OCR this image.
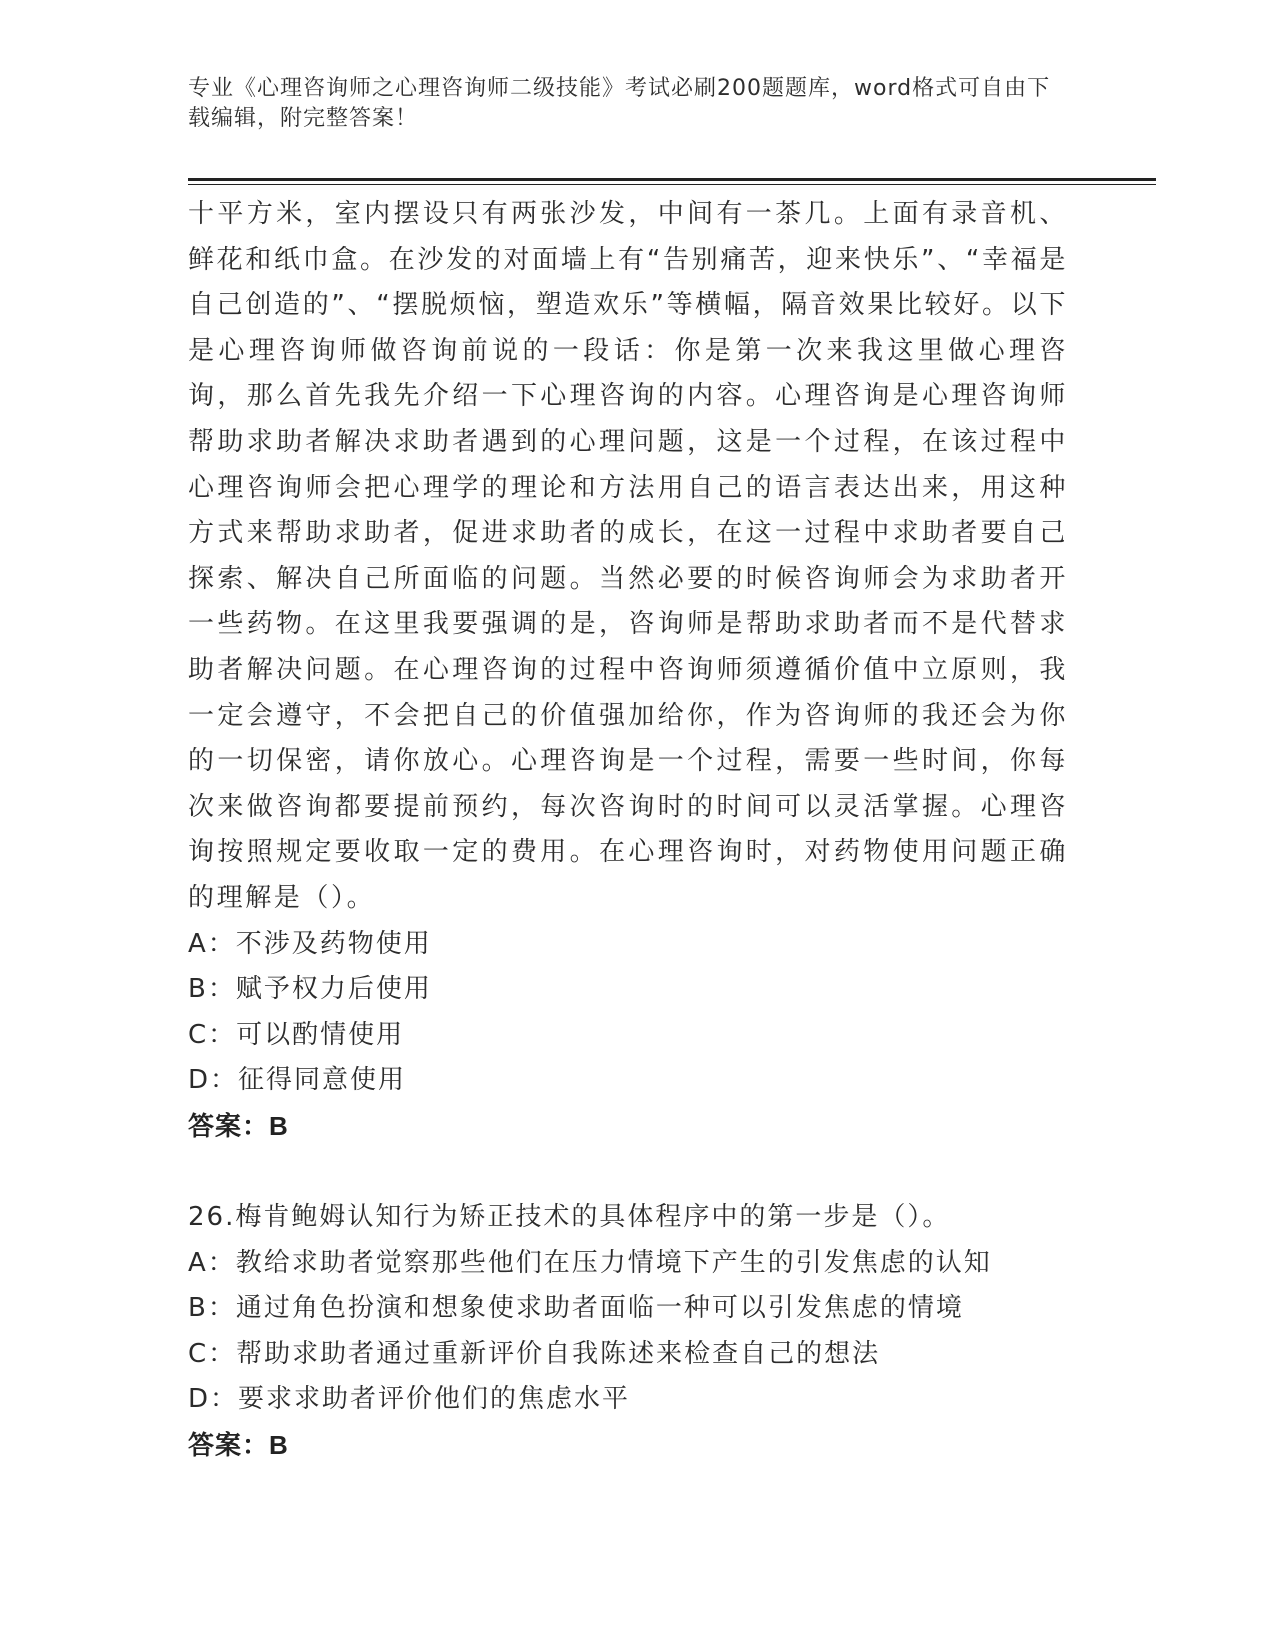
专业《心理咨询师之心理咨询师二级技能》考试必刷200题题库，word格式可自由下载编辑，附完整答案！
十平方米，室内摆设只有两张沙发，中间有一茶几。上面有录音机、鲜花和纸巾盒。在沙发的对面墙上有“告别痛苦，迎来快乐”、“幸福是自己创造的”、“摆脱烦恼，塑造欢乐”等横幅，隔音效果比较好。以下是心理咨询师做咨询前说的一段话：你是第一次来我这里做心理咨询，那么首先我先介绍一下心理咨询的内容。心理咨询是心理咨询师帮助求助者解决求助者遇到的心理问题，这是一个过程，在该过程中心理咨询师会把心理学的理论和方法用自己的语言表达出来，用这种方式来帮助求助者，促进求助者的成长，在这一过程中求助者要自己探索、解决自己所面临的问题。当然必要的时候咨询师会为求助者开一些药物。在这里我要强调的是，咨询师是帮助求助者而不是代替求助者解决问题。在心理咨询的过程中咨询师须遵循价值中立原则，我一定会遵守，不会把自己的价值强加给你，作为咨询师的我还会为你的一切保密，请你放心。心理咨询是一个过程，需要一些时间，你每次来做咨询都要提前预约，每次咨询时的时间可以灵活掌握。心理咨询按照规定要收取一定的费用。在心理咨询时，对药物使用问题正确的理解是（）。
A：不涉及药物使用
B：赋予权力后使用
C：可以酌情使用
D：征得同意使用
答案：B
26.梅肯鲍姆认知行为矫正技术的具体程序中的第一步是（）。
A：教给求助者觉察那些他们在压力情境下产生的引发焦虑的认知
B：通过角色扮演和想象使求助者面临一种可以引发焦虑的情境
C：帮助求助者通过重新评价自我陈述来检查自己的想法
D：要求求助者评价他们的焦虑水平
答案：B
